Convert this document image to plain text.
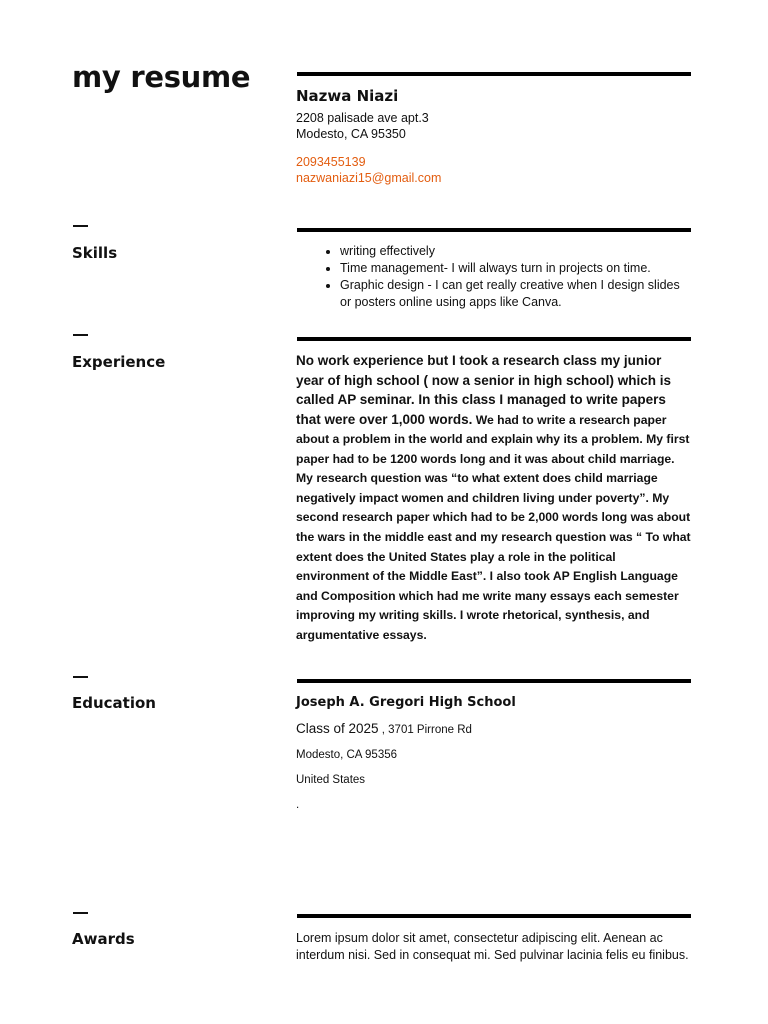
my resume

Nazwa Niazi

2208 palisade ave apt.3

Modesto, CA 95350

2093455139

nazwaniazi15@gmail.com

Skills
•	writing effectively
• Time management- I will always turn in projects on time.
• Graphic design - I can get really creative when I design slides or posters online using apps like Canva.
Experience	No work experience but I took a research class my junior year of high school ( now a senior in high school) which is called AP seminar. In this class I managed to write papers that were over 1,000 words. We had to write a research paper about a problem in the world and explain why its a problem. My first paper had to be 1200 words long and it was about child marriage. My research question was “to what extent does child marriage negatively impact women and children living under poverty”. My second research paper which had to be 2,000 words long was about the wars in the middle east and my research question was “ To what extent does the United States play a role in the political environment of the Middle East”. I also took AP English Language and Composition which had me write many essays each semester improving my writing skills. I wrote rhetorical, synthesis, and argumentative essays.

Education	Joseph A. Gregori High School

Class of 2025 , 3701 Pirrone Rd

Modesto, CA 95356

United States

.

Awards	Lorem ipsum dolor sit amet, consectetur adipiscing elit. Aenean ac interdum nisi. Sed in consequat mi. Sed pulvinar lacinia felis eu finibus.
